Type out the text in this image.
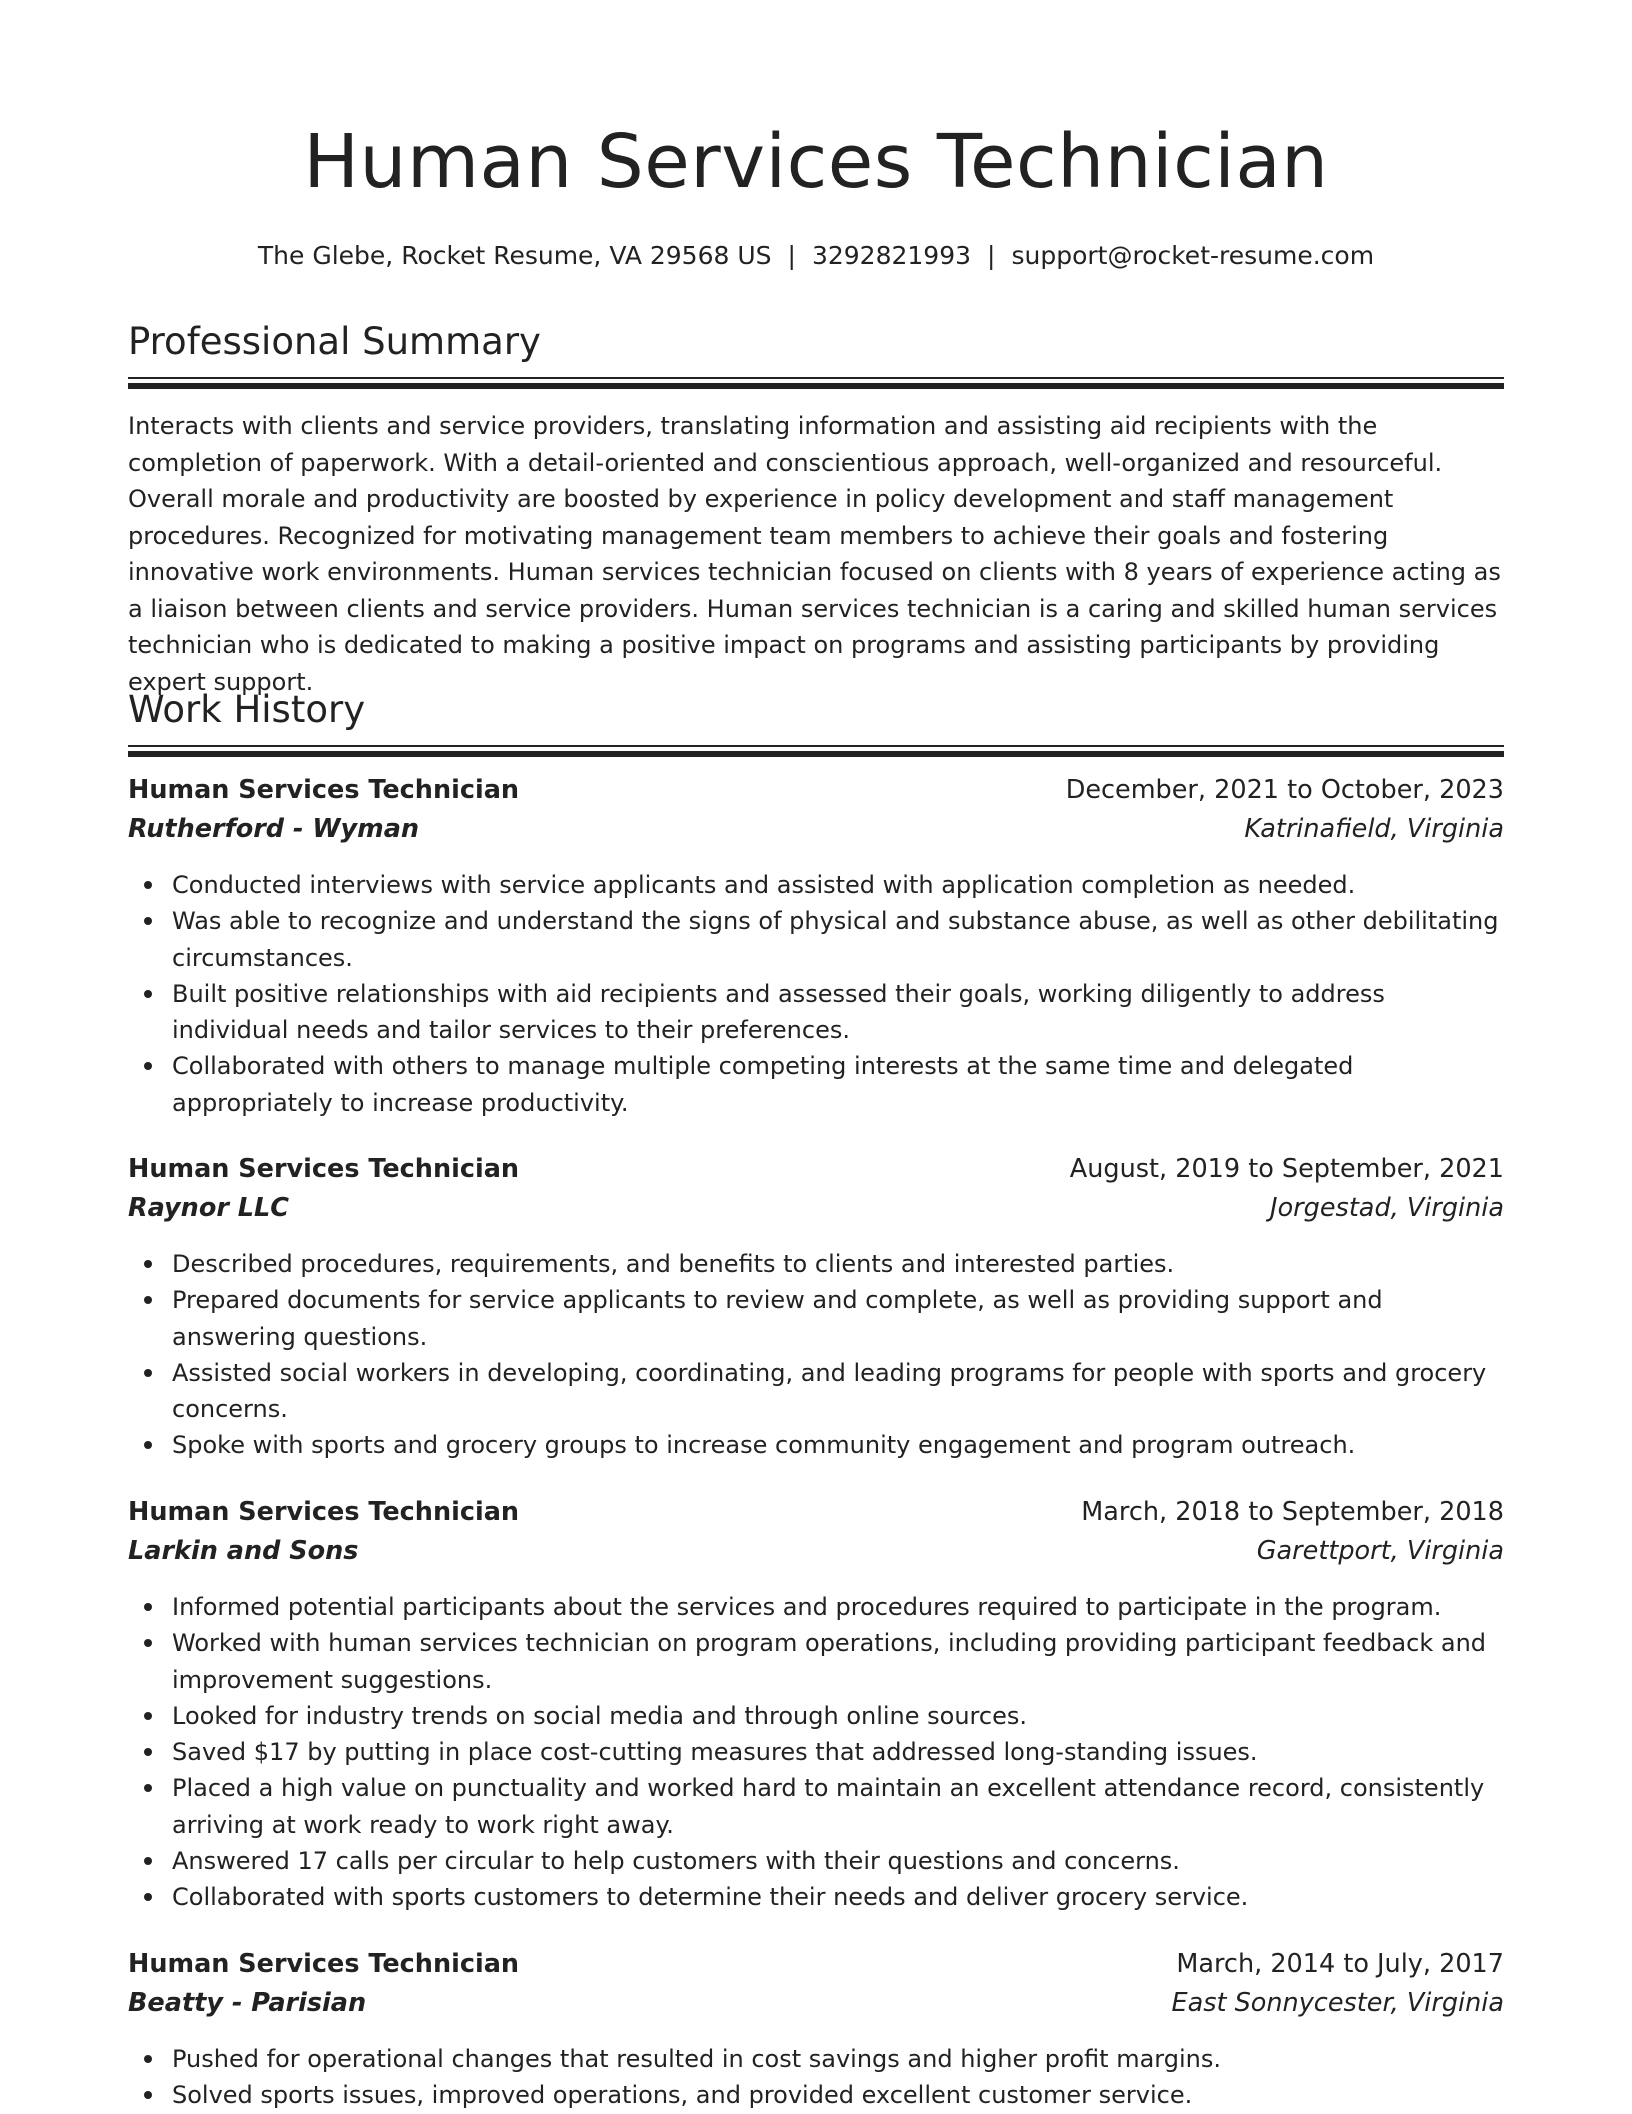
Human Services Technician
The Glebe, Rocket Resume, VA 29568 US | 3292821993 | support@rocket-resume.com
Professional Summary

Interacts with clients and service providers, translating information and assisting aid recipients with the completion of paperwork. With a detail-oriented and conscientious approach, well-organized and resourceful. Overall morale and productivity are boosted by experience in policy development and staff management procedures. Recognized for motivating management team members to achieve their goals and fostering innovative work environments. Human services technician focused on clients with 8 years of experience acting as a liaison between clients and service providers. Human services technician is a caring and skilled human services technician who is dedicated to making a positive impact on programs and assisting participants by providing expert support.

Work History
Human Services Technician	December, 2021 to October, 2023
Rutherford - Wyman	Katrinafield, Virginia
Conducted interviews with service applicants and assisted with application completion as needed.
Was able to recognize and understand the signs of physical and substance abuse, as well as other debilitating circumstances.
Built positive relationships with aid recipients and assessed their goals, working diligently to address individual needs and tailor services to their preferences.
Collaborated with others to manage multiple competing interests at the same time and delegated appropriately to increase productivity.
Human Services Technician	August, 2019 to September, 2021
Raynor LLC	Jorgestad, Virginia
Described procedures, requirements, and benefits to clients and interested parties.
Prepared documents for service applicants to review and complete, as well as providing support and answering questions.
Assisted social workers in developing, coordinating, and leading programs for people with sports and grocery concerns.
Spoke with sports and grocery groups to increase community engagement and program outreach.
Human Services Technician	March, 2018 to September, 2018
Larkin and Sons	Garettport, Virginia
Informed potential participants about the services and procedures required to participate in the program.
Worked with human services technician on program operations, including providing participant feedback and improvement suggestions.
Looked for industry trends on social media and through online sources.
Saved $17 by putting in place cost-cutting measures that addressed long-standing issues.
Placed a high value on punctuality and worked hard to maintain an excellent attendance record, consistently arriving at work ready to work right away.
Answered 17 calls per circular to help customers with their questions and concerns.
Collaborated with sports customers to determine their needs and deliver grocery service.
Human Services Technician	March, 2014 to July, 2017
Beatty - Parisian	East Sonnycester, Virginia
Pushed for operational changes that resulted in cost savings and higher profit margins.
Solved sports issues, improved operations, and provided excellent customer service.
